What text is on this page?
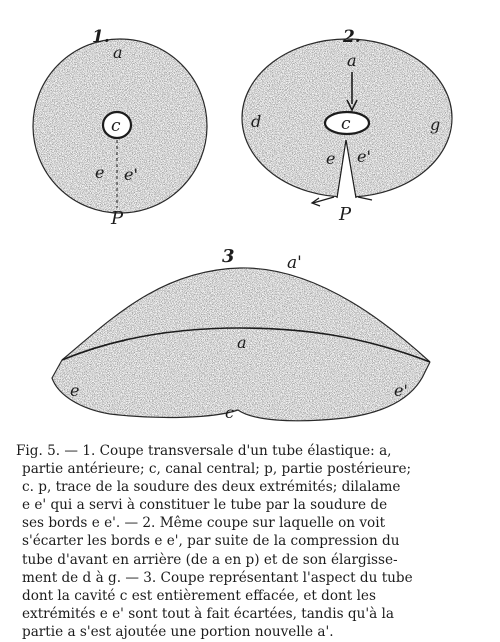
1.	2.
3
a
c
e e'
P
a
c
d	g
e e'
P
a'
a
e	e'
c
Fig. 5. — 1. Coupe transversale d'un tube élastique: a,
partie antérieure; c, canal central; p, partie postérieure;
c. p, trace de la soudure des deux extrémités; dilalame
e e' qui a servi à constituer le tube par la soudure de
ses bords e e'. — 2. Même coupe sur laquelle on voit
s'écarter les bords e e', par suite de la compression du
tube d'avant en arrière (de a en p) et de son élargisse-
ment de d à g. — 3. Coupe représentant l'aspect du tube
dont la cavité c est entièrement effacée, et dont les
extrémités e e' sont tout à fait écartées, tandis qu'à la
partie a s'est ajoutée une portion nouvelle a'.
